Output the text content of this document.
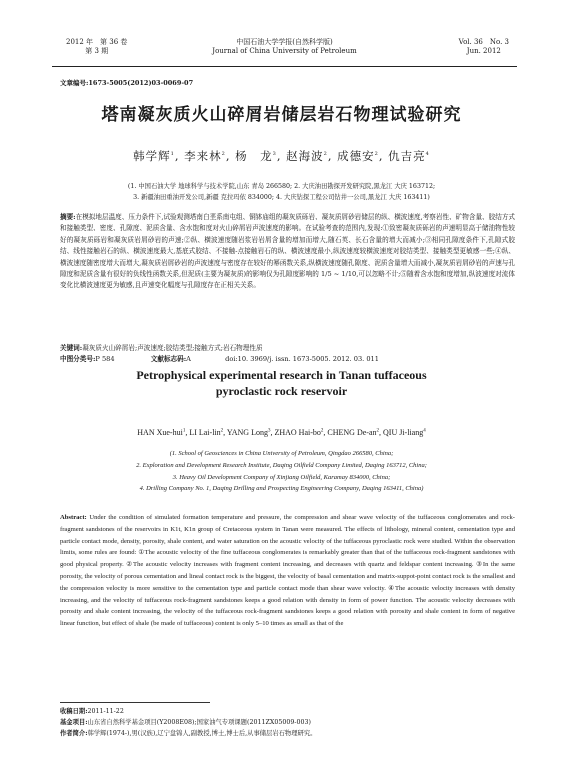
2012 年　第 36 卷
第 3 期
中国石油大学学报(自然科学版)
Journal of China University of Petroleum
Vol. 36　No. 3
Jun. 2012
文章编号:1673-5005(2012)03-0069-07
塔南凝灰质火山碎屑岩储层岩石物理试验研究
韩学辉$^1$, 李来林$^2$, 杨　龙$^3$, 赵海波$^2$, 成德安$^2$, 仇吉亮$^4$
(1. 中国石油大学 地球科学与技术学院,山东 青岛 266580; 2. 大庆油田勘探开发研究院,黑龙江 大庆 163712;
3. 新疆油田重油开发公司,新疆 克拉玛依 834000; 4. 大庆钻探工程公司钻井一公司,黑龙江 大庆 163411)
摘要:在模拟地层温度、压力条件下,试验观测塔南白垩系南屯组、铜钵庙组的凝灰质砾岩、凝灰质屑砂岩储层的纵、横波速度,考察岩性、矿物含量、胶结方式和接触类型、密度、孔隙度、泥质含量、含水饱和度对火山碎屑岩声波速度的影响。在试验考查的范围内,发现:①致密凝灰质砾岩的声速明显高于储油物性较好的凝灰质砾岩和凝灰质岩屑砂岩的声速;②纵、横波速度随岩浆岩岩屑含量的增加而增大,随石英、长石含量的增大而减小;③相同孔隙度条件下,孔隙式胶结、线性接触岩石的纵、横波速度最大,基底式胶结、不接触-点接触岩石的纵、横波速度最小,纵波速度较横波速度对胶结类型、接触类型更敏感一些;④纵、横波速度随密度增大而增大,凝灰质岩屑砂岩的声波速度与密度存在较好的幂函数关系,纵横波速度随孔隙度、泥质含量增大而减小,凝灰质岩屑砂岩的声速与孔隙度和泥质含量有很好的负线性函数关系,但泥质(主要为凝灰质)的影响仅为孔隙度影响的 1/5 ~ 1/10,可以忽略不计;⑤随着含水饱和度增加,纵波速度对流体变化比横波速度更为敏感,且声速变化幅度与孔隙度存在正相关关系。
关键词:凝灰质火山碎屑岩;声波速度;胶结类型;接触方式;岩石物理性质
中图分类号:P 584	文献标志码:A	doi:10. 3969/j. issn. 1673-5005. 2012. 03. 011
Petrophysical experimental research in Tanan tuffaceous
pyroclastic rock reservoir
HAN Xue-hui$^1$, LI Lai-lin$^2$, YANG Long$^3$, ZHAO Hai-$bo^2$, CHENG $De-an^2$, QIU Ji-liang$^4$
(1. School of Geosciences in China University of Petroleum, Qingdao 266580, China;
2. Exploration and Development Research Institute, Daqing Oilfield Company Limited, Daqing 163712, China;
3. Heavy Oil Development Company of Xinjiang Oilfield, Karamay 834000, China;
4. Drilling Company No. 1, Daqing Drilling and Prospecting Engineering Company, Daqing 163411, China)
Abstract: Under the condition of simulated formation temperature and pressure, the compression and shear wave velocity of the tuffaceous conglomerates and rock-fragment sandstones of the reservoirs in K1t, K1n group of Cretaceous system in Tanan were measured. The effects of lithology, mineral content, cementation type and particle contact mode, density, porosity, shale content, and water saturation on the acoustic velocity of the tuffaceous pyroclastic rock were studied. Within the observation limits, some rules are found: ①The acoustic velocity of the fine tuffaceous conglomerates is remarkably greater than that of the tuffaceous rock-fragment sandstones with good physical property. ②The acoustic velocity increases with fragment content increasing, and decreases with quartz and feldspar content increasing. ③In the same porosity, the velocity of porous cementation and lineal contact rock is the biggest, the velocity of basal cementation and matrix-suppot-point contact rock is the smallest and the compression velocity is more sensitive to the cementation type and particle contact mode than shear wave velocity. ④The acoustic velocity increases with density increasing, and the velocity of tuffaceous rock-fragment sandstones keeps a good relation with density in form of power function. The acoustic velocity decreases with porosity and shale content increasing, the velocity of the tuffaceous rock-fragment sandstones keeps a good relation with porosity and shale content in form of negative linear function, but effect of shale (be made of tuffaceous) content is only 5–10 times as small as that of the
收稿日期:2011-11-22
基金项目:山东省自然科学基金项目(Y2008E08);国家油气专项课题(2011ZX05009-003)
作者简介:韩学辉(1974-),男(汉族),辽宁盘锦人,副教授,博士,博士后,从事储层岩石物理研究。
